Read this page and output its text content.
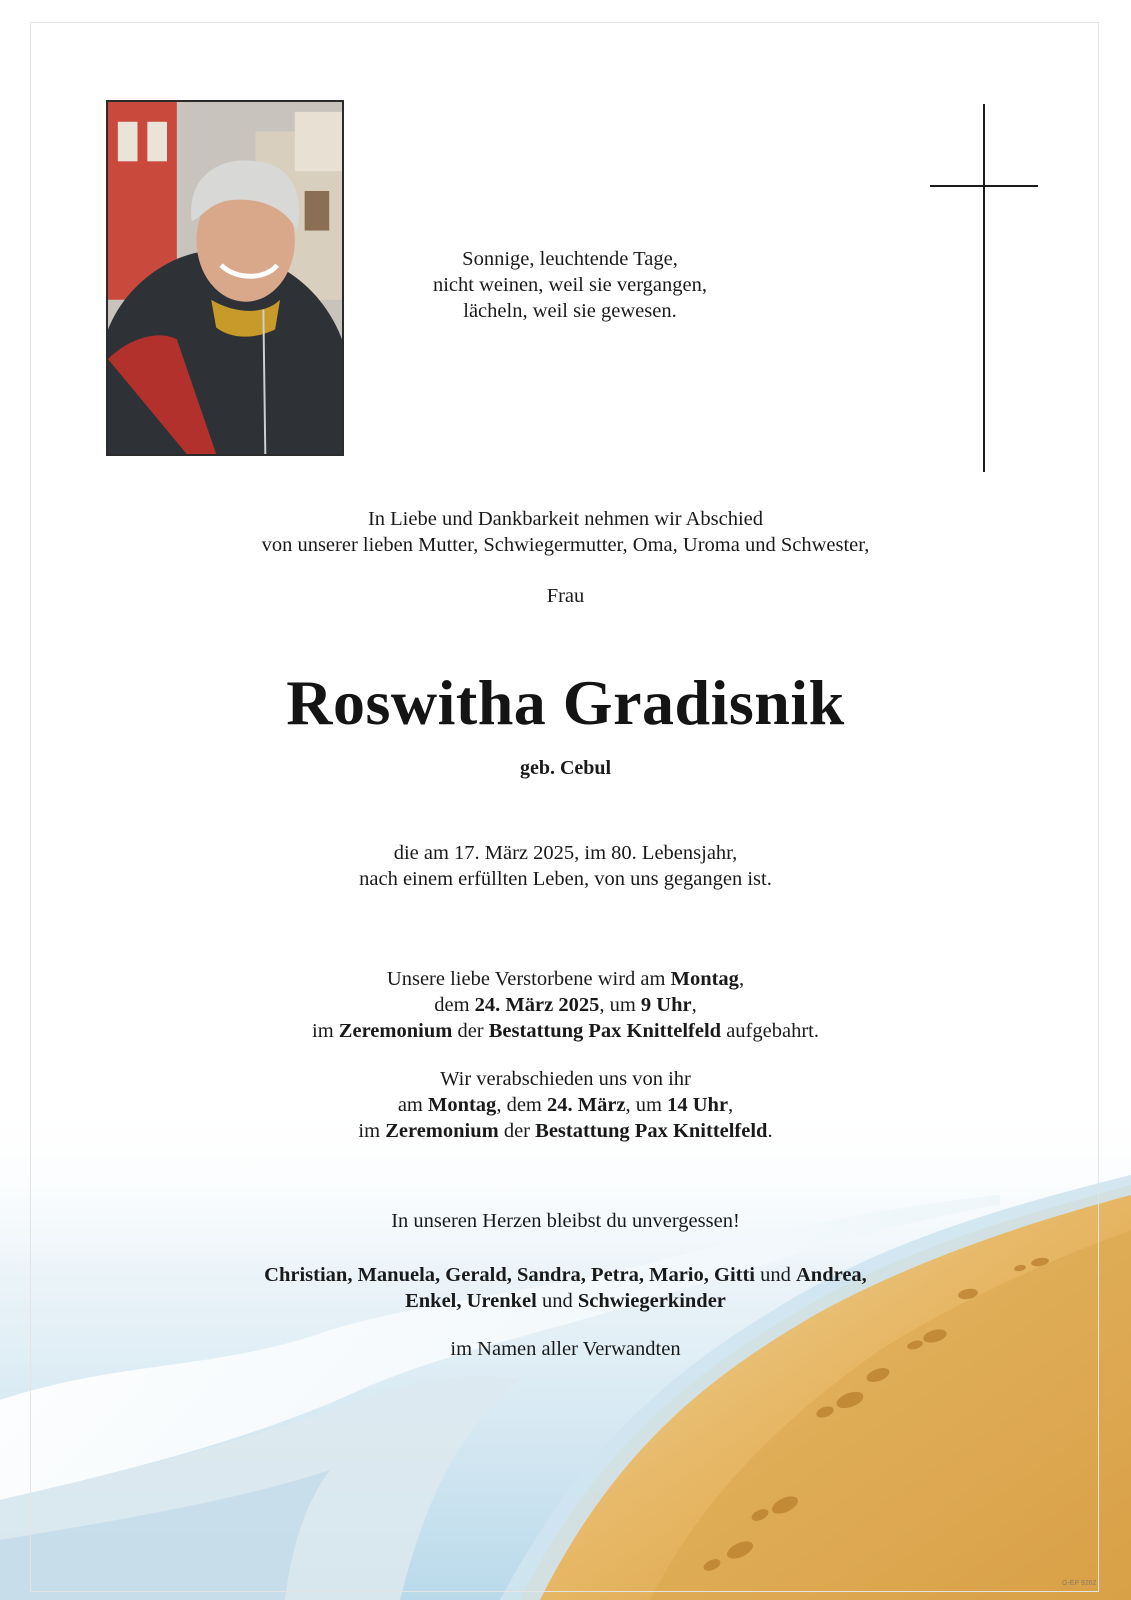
Sonnige, leuchtende Tage,

nicht weinen, weil sie vergangen,

lächeln, weil sie gewesen.

In Liebe und Dankbarkeit nehmen wir Abschied

von unserer lieben Mutter, Schwiegermutter, Oma, Uroma und Schwester,

Frau
Roswitha Gradisnik
geb. Cebul

die am 17. März 2025, im 80. Lebensjahr,

nach einem erfüllten Leben, von uns gegangen ist.

Unsere liebe Verstorbene wird am Montag,

dem 24. März 2025, um 9 Uhr,

im Zeremonium der Bestattung Pax Knittelfeld aufgebahrt.

Wir verabschieden uns von ihr

am Montag, dem 24. März, um 14 Uhr,

im Zeremonium der Bestattung Pax Knittelfeld.

In unseren Herzen bleibst du unvergessen!

Christian, Manuela, Gerald, Sandra, Petra, Mario, Gitti und Andrea,

Enkel, Urenkel und Schwiegerkinder

im Namen aller Verwandten
G-EP 9262
